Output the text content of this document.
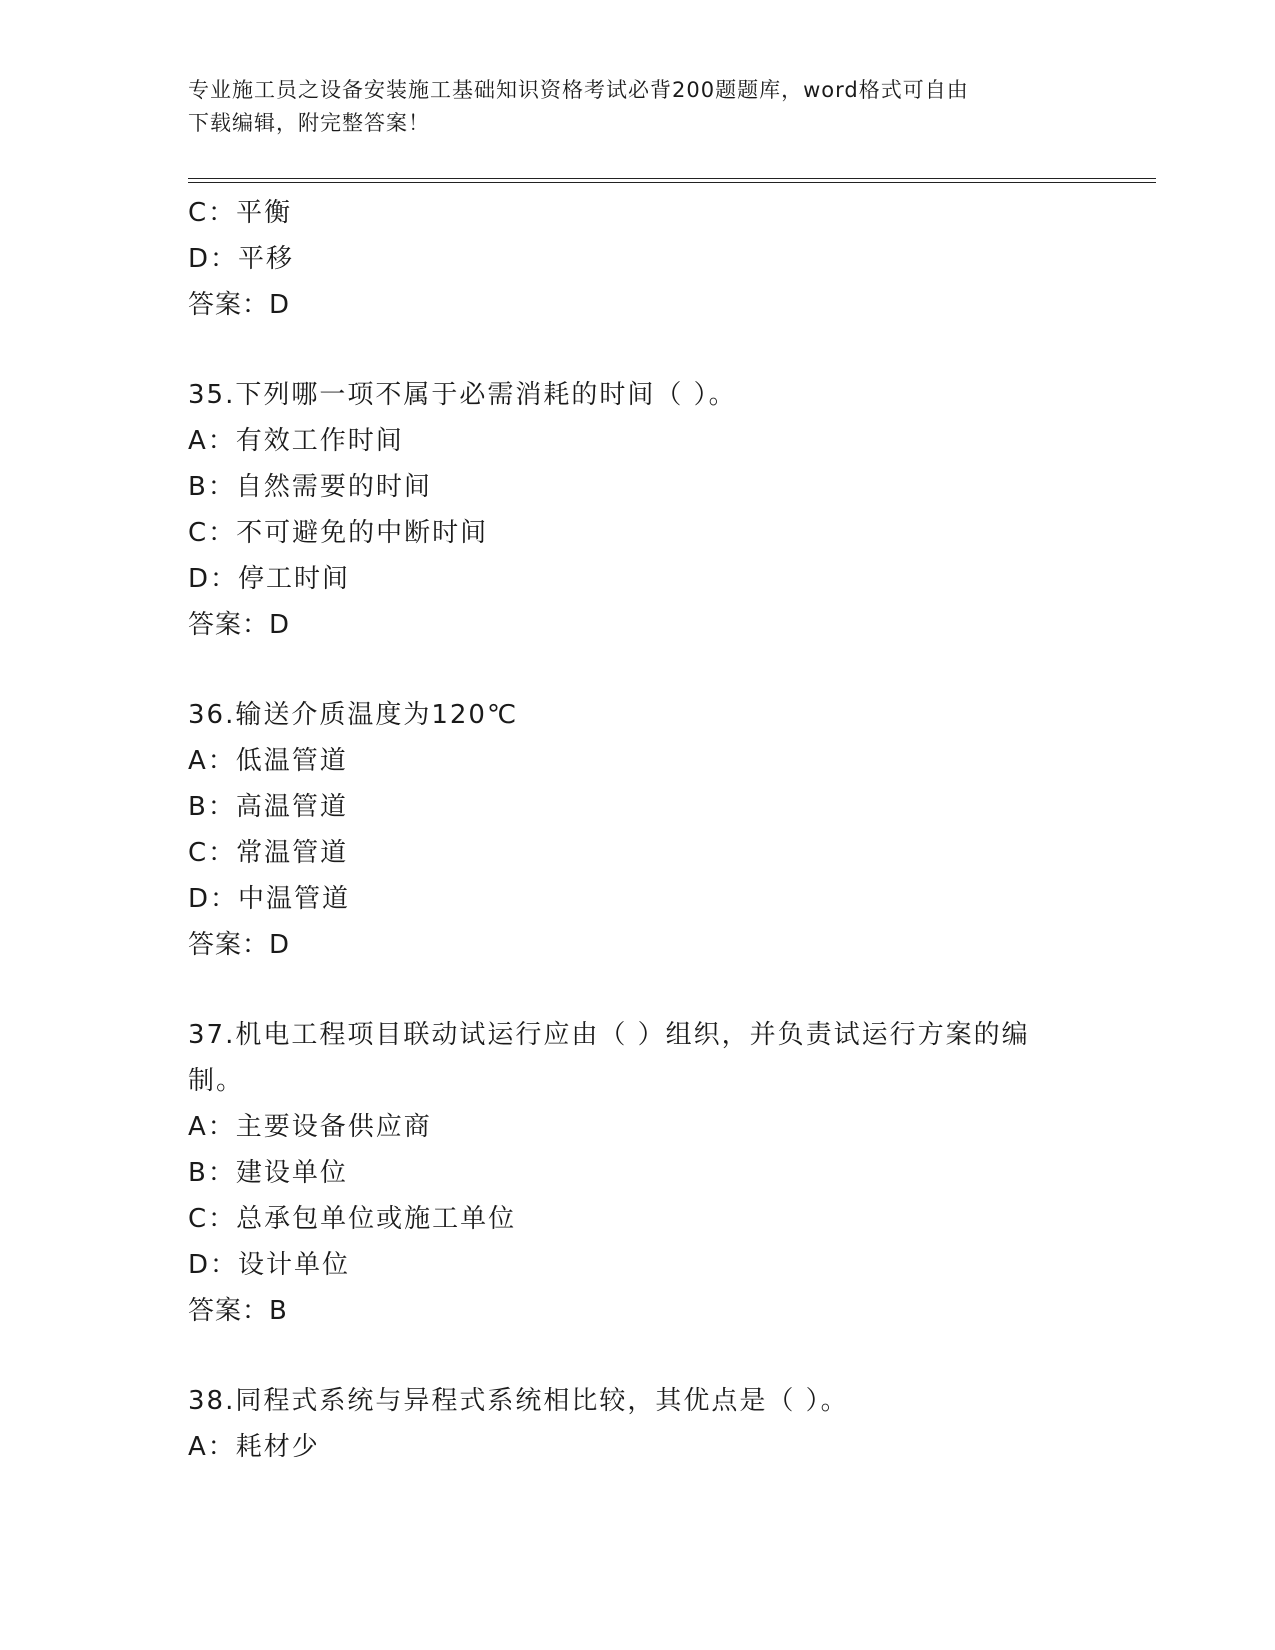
专业施工员之设备安装施工基础知识资格考试必背200题题库，word格式可自由
下载编辑，附完整答案！
C：平衡
D：平移
答案：D
35.下列哪一项不属于必需消耗的时间（ ）。
A：有效工作时间
B：自然需要的时间
C：不可避免的中断时间
D：停工时间
答案：D
36.输送介质温度为120℃
A：低温管道
B：高温管道
C：常温管道
D：中温管道
答案：D
37.机电工程项目联动试运行应由（ ）组织，并负责试运行方案的编
制。
A：主要设备供应商
B：建设单位
C：总承包单位或施工单位
D：设计单位
答案：B
38.同程式系统与异程式系统相比较，其优点是（ ）。
A：耗材少
